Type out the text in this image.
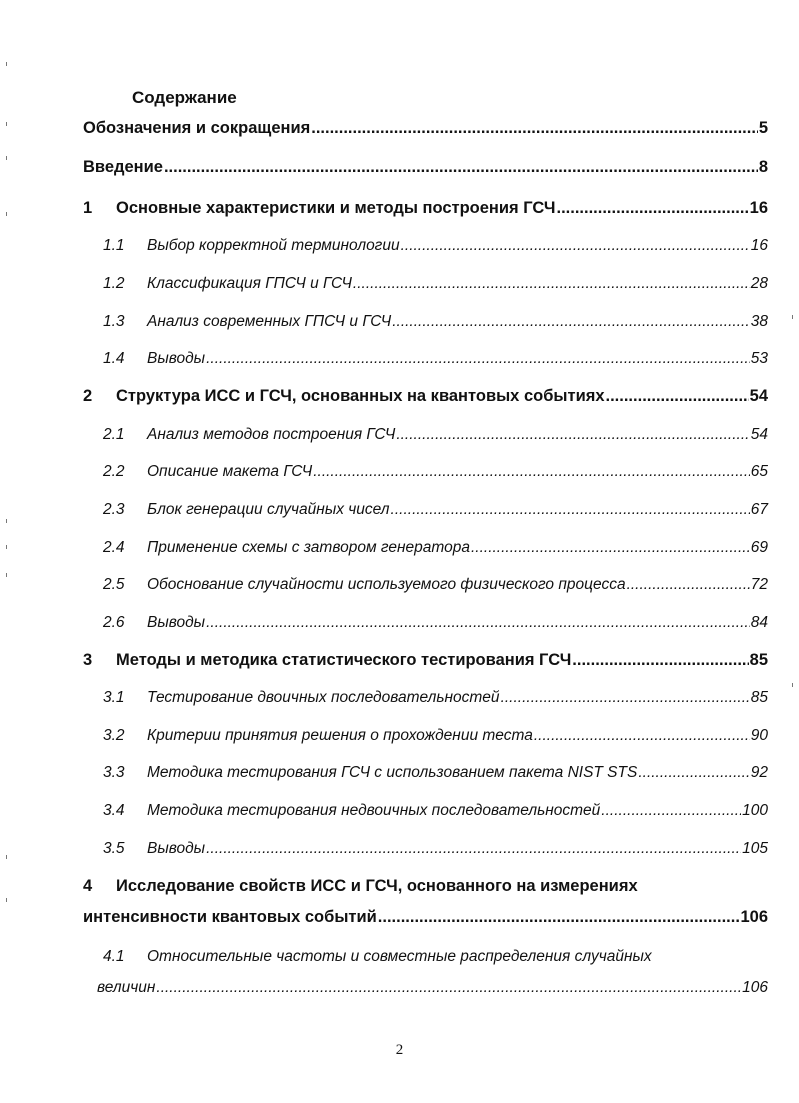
Содержание
Обозначения и сокращения .....	5
Введение .....	8
1	Основные характеристики и методы построения ГСЧ .....	16
1.1	Выбор корректной терминологии .....	16
1.2	Классификация ГПСЧ и ГСЧ .....	28
1.3	Анализ современных ГПСЧ и ГСЧ .....	38
1.4	Выводы .....	53
2	Структура ИСС и ГСЧ, основанных на квантовых событиях .....	54
2.1	Анализ методов построения ГСЧ .....	54
2.2	Описание макета ГСЧ .....	65
2.3	Блок генерации случайных чисел .....	67
2.4	Применение схемы с затвором генератора .....	69
2.5	Обоснование случайности используемого физического процесса .....	72
2.6	Выводы .....	84
3	Методы и методика статистического тестирования ГСЧ .....	85
3.1	Тестирование двоичных последовательностей .....	85
3.2	Критерии принятия решения о прохождении теста .....	90
3.3	Методика тестирования ГСЧ с использованием пакета NIST STS .....	92
3.4	Методика тестирования недвоичных последовательностей .....	100
3.5	Выводы .....	105
4	Исследование свойств ИСС и ГСЧ, основанного на измерениях
интенсивности квантовых событий .....	106
4.1	Относительные частоты и совместные распределения случайных
величин .....	106
2
